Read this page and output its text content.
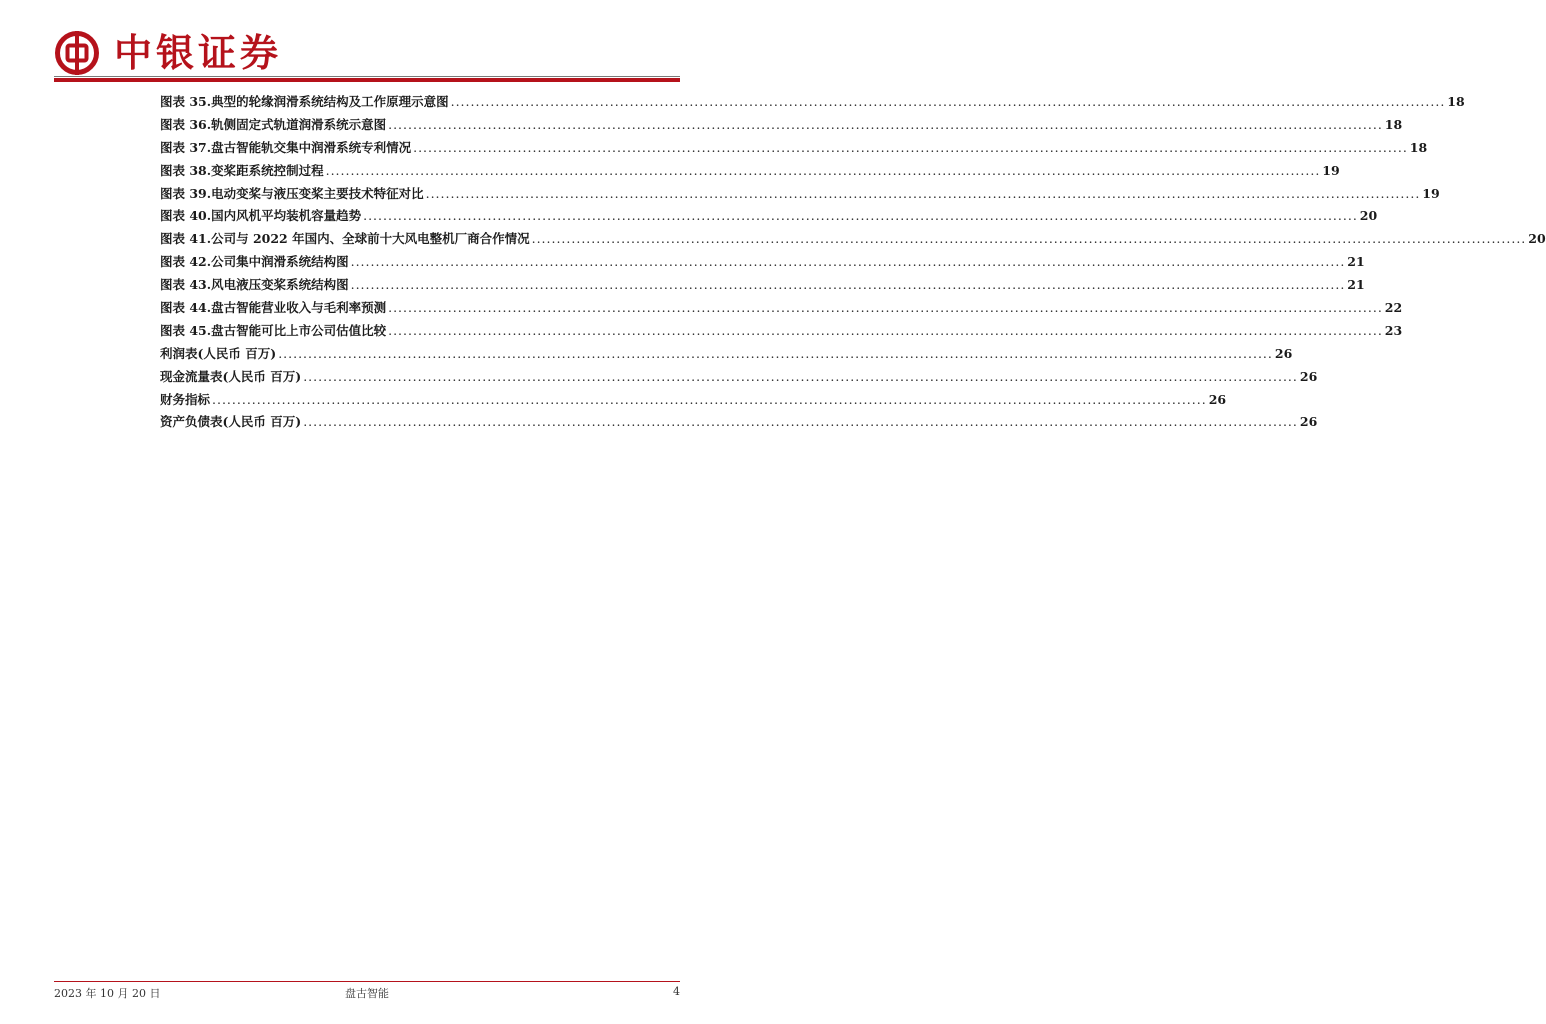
中银证券
图表 35.典型的轮缘润滑系统结构及工作原理示意图 ........................................................................................................................................................................................................ 18
图表 36.轨侧固定式轨道润滑系统示意图 ........................................................................................................................................................................................................ 18
图表 37.盘古智能轨交集中润滑系统专利情况 ........................................................................................................................................................................................................ 18
图表 38.变桨距系统控制过程 ........................................................................................................................................................................................................ 19
图表 39.电动变桨与液压变桨主要技术特征对比 ........................................................................................................................................................................................................ 19
图表 40.国内风机平均装机容量趋势 ........................................................................................................................................................................................................ 20
图表 41.公司与 2022 年国内、全球前十大风电整机厂商合作情况 ........................................................................................................................................................................................................ 20
图表 42.公司集中润滑系统结构图 ........................................................................................................................................................................................................ 21
图表 43.风电液压变桨系统结构图 ........................................................................................................................................................................................................ 21
图表 44.盘古智能营业收入与毛利率预测 ........................................................................................................................................................................................................ 22
图表 45.盘古智能可比上市公司估值比较 ........................................................................................................................................................................................................ 23
利润表(人民币 百万) ........................................................................................................................................................................................................ 26
现金流量表(人民币 百万) ........................................................................................................................................................................................................ 26
财务指标 ........................................................................................................................................................................................................ 26
资产负债表(人民币 百万) ........................................................................................................................................................................................................ 26
2023 年 10 月 20 日	盘古智能	4
